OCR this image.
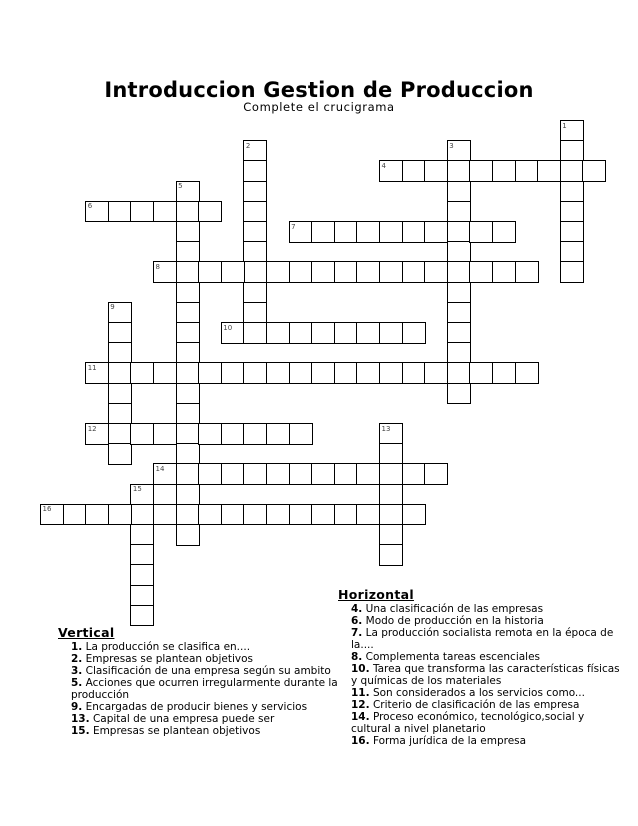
Introduccion Gestion de Produccion
Complete el crucigrama
1
2	3
4
5
6
7
8
9
10
11
12	13
14
15
16
Vertical
1. La producción se clasifica en....
2. Empresas se plantean objetivos
3. Clasificación de una empresa según su ambito
5. Acciones que ocurren irregularmente durante la producción
9. Encargadas de producir bienes y servicios
13. Capital de una empresa puede ser
15. Empresas se plantean objetivos
Horizontal
4. Una clasificación de las empresas
6. Modo de producción en la historia
7. La producción socialista remota en la época de la....
8. Complementa tareas escenciales
10. Tarea que transforma las características físicas y químicas de los materiales
11. Son considerados a los servicios como...
12. Criterio de clasificación de las empresa
14. Proceso económico, tecnológico,social y cultural a nivel planetario
16. Forma jurídica de la empresa
